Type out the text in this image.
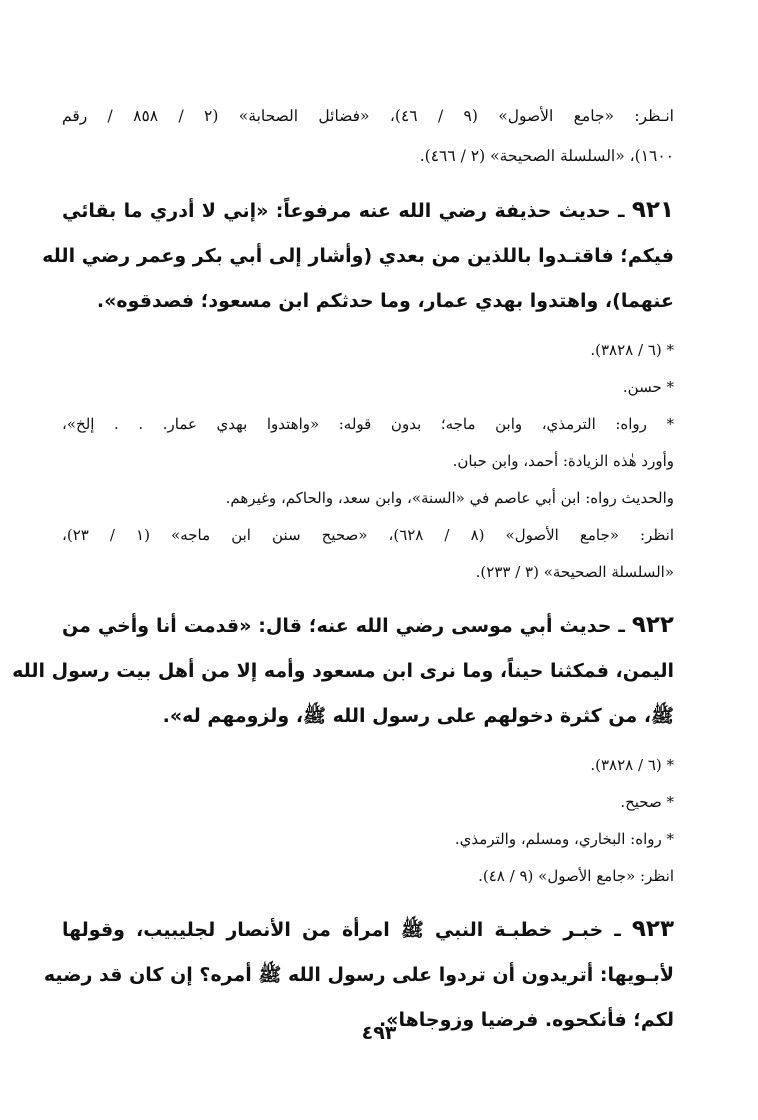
انـظر: «جامع الأصول» (٩ / ٤٦)، «فضائل الصحابة» (٢ / ٨٥٨ / رقم
١٦٠٠)، «السلسلة الصحيحة» (٢ / ٤٦٦).
٩٢١ ـ حديث حذيفة رضي الله عنه مرفوعاً: «إني لا أدري ما بقائي
فيكم؛ فاقتـدوا باللذين من بعدي (وأشار إلى أبي بكر وعمر رضي الله
عنهما)، واهتدوا بهدي عمار، وما حدثكم ابن مسعود؛ فصدقوه».
* (٦ / ٣٨٢٨).
* حسن.
* رواه: الترمذي، وابن ماجه؛ بدون قوله: «واهتدوا بهدي عمار. . . إلخ»،
وأورد هٰذه الزيادة: أحمد، وابن حبان.
والحديث رواه: ابن أبي عاصم في «السنة»، وابن سعد، والحاكم، وغيرهم.
انظر: «جامع الأصول» (٨ / ٦٢٨)، «صحيح سنن ابن ماجه» (١ / ٢٣)،
«السلسلة الصحيحة» (٣ / ٢٣٣).
٩٢٢ ـ حديث أبي موسى رضي الله عنه؛ قال: «قدمت أنا وأخي من
اليمن، فمكثنا حيناً، وما نرى ابن مسعود وأمه إلا من أهل بيت رسول الله
ﷺ، من كثرة دخولهم على رسول الله ﷺ، ولزومهم له».
* (٦ / ٣٨٢٨).
* صحيح.
* رواه: البخاري، ومسلم، والترمذي.
انظر: «جامع الأصول» (٩ / ٤٨).
٩٢٣ ـ خبـر خطبـة النبي ﷺ امرأة من الأنصار لجليبيب، وقولها
لأبـويها: أتريدون أن تردوا على رسول الله ﷺ أمره؟ إن كان قد رضيه
لكم؛ فأنكحوه. فرضيا وزوجاها».
٤٩٣
